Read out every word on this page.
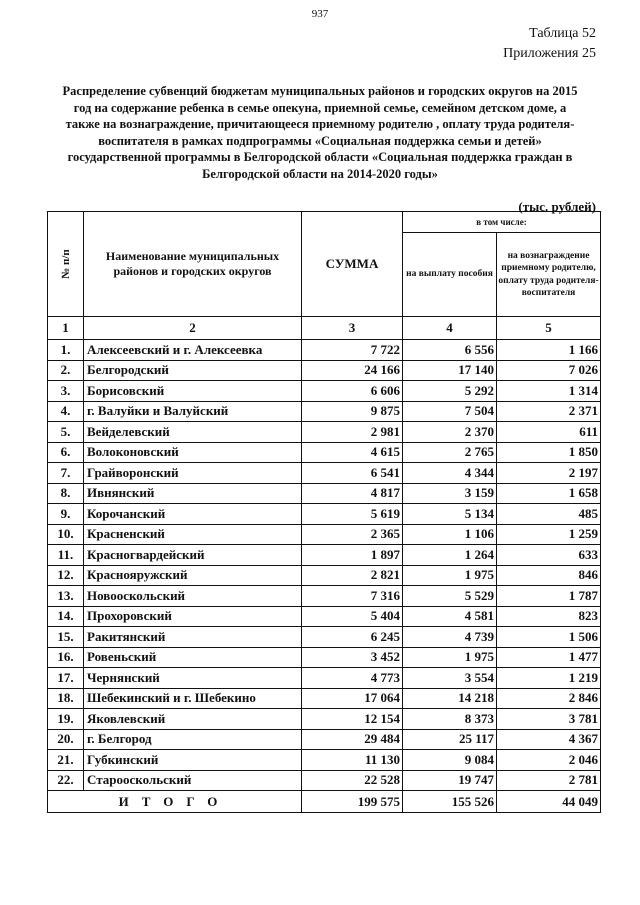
937
Таблица 52
Приложения 25
Распределение субвенций бюджетам муниципальных районов и городских округов на 2015
год на содержание ребенка в семье опекуна, приемной семье, семейном детском доме, а
также на вознаграждение, причитающееся приемному родителю , оплату труда родителя-
воспитателя в рамках подпрограммы «Социальная поддержка семьи и детей»
государственной программы в Белгородской области «Социальная поддержка граждан в
Белгородской области на 2014-2020 годы»
(тыс. рублей)
№ п/п	Наименование муниципальных районов и городских округов	СУММА	в том числе:	
			на выплату пособия	на вознаграждение приемному родителю, оплату труда родителя-воспитателя
1	2	3	4	5
1.	Алексеевский и г. Алексеевка	7 722	6 556	1 166
2.	Белгородский	24 166	17 140	7 026
3.	Борисовский	6 606	5 292	1 314
4.	г. Валуйки и Валуйский	9 875	7 504	2 371
5.	Вейделевский	2 981	2 370	611
6.	Волоконовский	4 615	2 765	1 850
7.	Грайворонский	6 541	4 344	2 197
8.	Ивнянский	4 817	3 159	1 658
9.	Корочанский	5 619	5 134	485
10.	Красненский	2 365	1 106	1 259
11.	Красногвардейский	1 897	1 264	633
12.	Краснояружский	2 821	1 975	846
13.	Новооскольский	7 316	5 529	1 787
14.	Прохоровский	5 404	4 581	823
15.	Ракитянский	6 245	4 739	1 506
16.	Ровеньский	3 452	1 975	1 477
17.	Чернянский	4 773	3 554	1 219
18.	Шебекинский и г. Шебекино	17 064	14 218	2 846
19.	Яковлевский	12 154	8 373	3 781
20.	г. Белгород	29 484	25 117	4 367
21.	Губкинский	11 130	9 084	2 046
22.	Старооскольский	22 528	19 747	2 781
ИТОГО		199 575	155 526	44 049
